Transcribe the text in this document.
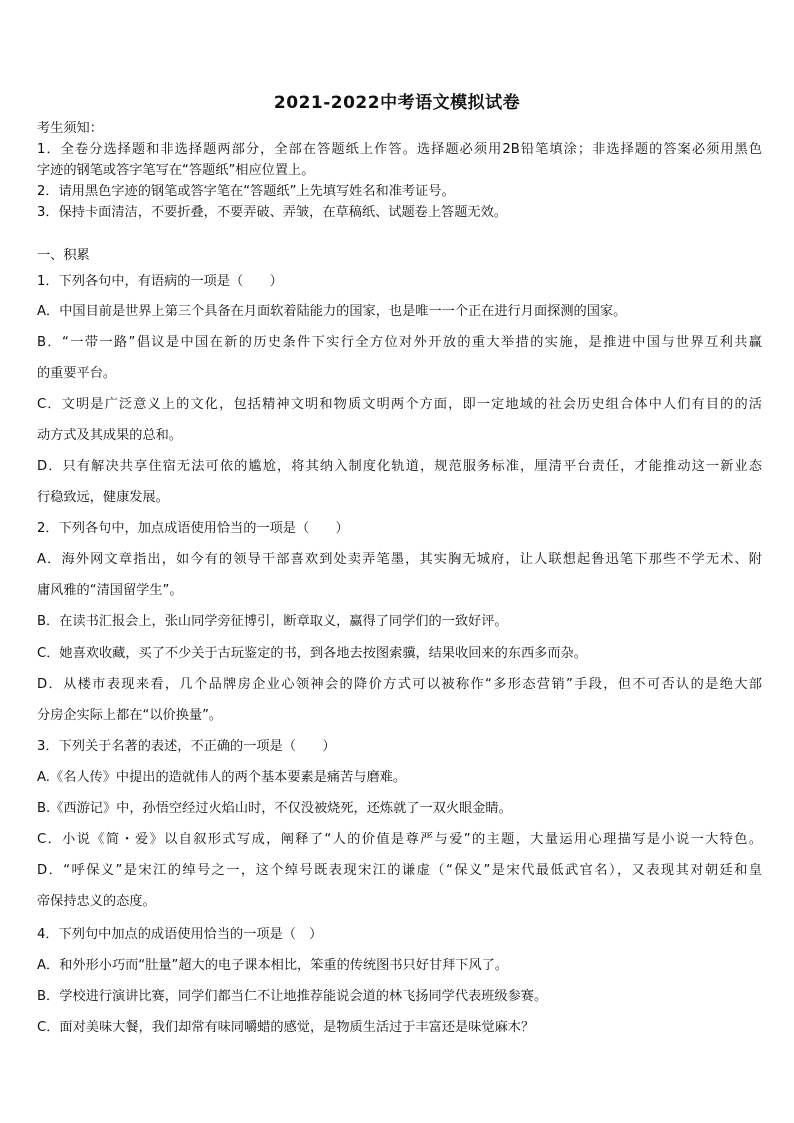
2021-2022中考语文模拟试卷
考生须知：
1．全卷分选择题和非选择题两部分，全部在答题纸上作答。选择题必须用2B铅笔填涂；非选择题的答案必须用黑色
字迹的钢笔或答字笔写在“答题纸”相应位置上。
2．请用黑色字迹的钢笔或答字笔在“答题纸”上先填写姓名和准考证号。
3．保持卡面清洁，不要折叠，不要弄破、弄皱，在草稿纸、试题卷上答题无效。
一、积累
1．下列各句中，有语病的一项是（　　）
A．中国目前是世界上第三个具备在月面软着陆能力的国家，也是唯一一个正在进行月面探测的国家。
B．“一带一路”倡议是中国在新的历史条件下实行全方位对外开放的重大举措的实施，是推进中国与世界互利共赢
的重要平台。
C．文明是广泛意义上的文化，包括精神文明和物质文明两个方面，即一定地域的社会历史组合体中人们有目的的活
动方式及其成果的总和。
D．只有解决共享住宿无法可依的尴尬，将其纳入制度化轨道，规范服务标准，厘清平台责任，才能推动这一新业态
行稳致远，健康发展。
2．下列各句中，加点成语使用恰当的一项是（　　）
A．海外网文章指出，如今有的领导干部喜欢到处卖弄笔墨，其实胸无城府，让人联想起鲁迅笔下那些不学无术、附
庸风雅的“清国留学生”。
B．在读书汇报会上，张山同学旁征博引，断章取义，赢得了同学们的一致好评。
C．她喜欢收藏，买了不少关于古玩鉴定的书，到各地去按图索骥，结果收回来的东西多而杂。
D．从楼市表现来看，几个品牌房企业心领神会的降价方式可以被称作“多形态营销”手段，但不可否认的是绝大部
分房企实际上都在“以价换量”。
3．下列关于名著的表述，不正确的一项是（　　）
A.《名人传》中提出的造就伟人的两个基本要素是痛苦与磨难。
B.《西游记》中，孙悟空经过火焰山时，不仅没被烧死，还炼就了一双火眼金睛。
C．小说《简・爱》以自叙形式写成，阐释了“人的价值是尊严与爱”的主题，大量运用心理描写是小说一大特色。
D．“呼保义”是宋江的绰号之一，这个绰号既表现宋江的谦虚（“保义”是宋代最低武官名），又表现其对朝廷和皇
帝保持忠义的态度。
4．下列句中加点的成语使用恰当的一项是（　）
A．和外形小巧而“肚量”超大的电子课本相比，笨重的传统图书只好甘拜下风了。
B．学校进行演讲比赛，同学们都当仁不让地推荐能说会道的林飞扬同学代表班级参赛。
C．面对美味大餐，我们却常有味同嚼蜡的感觉，是物质生活过于丰富还是味觉麻木？
